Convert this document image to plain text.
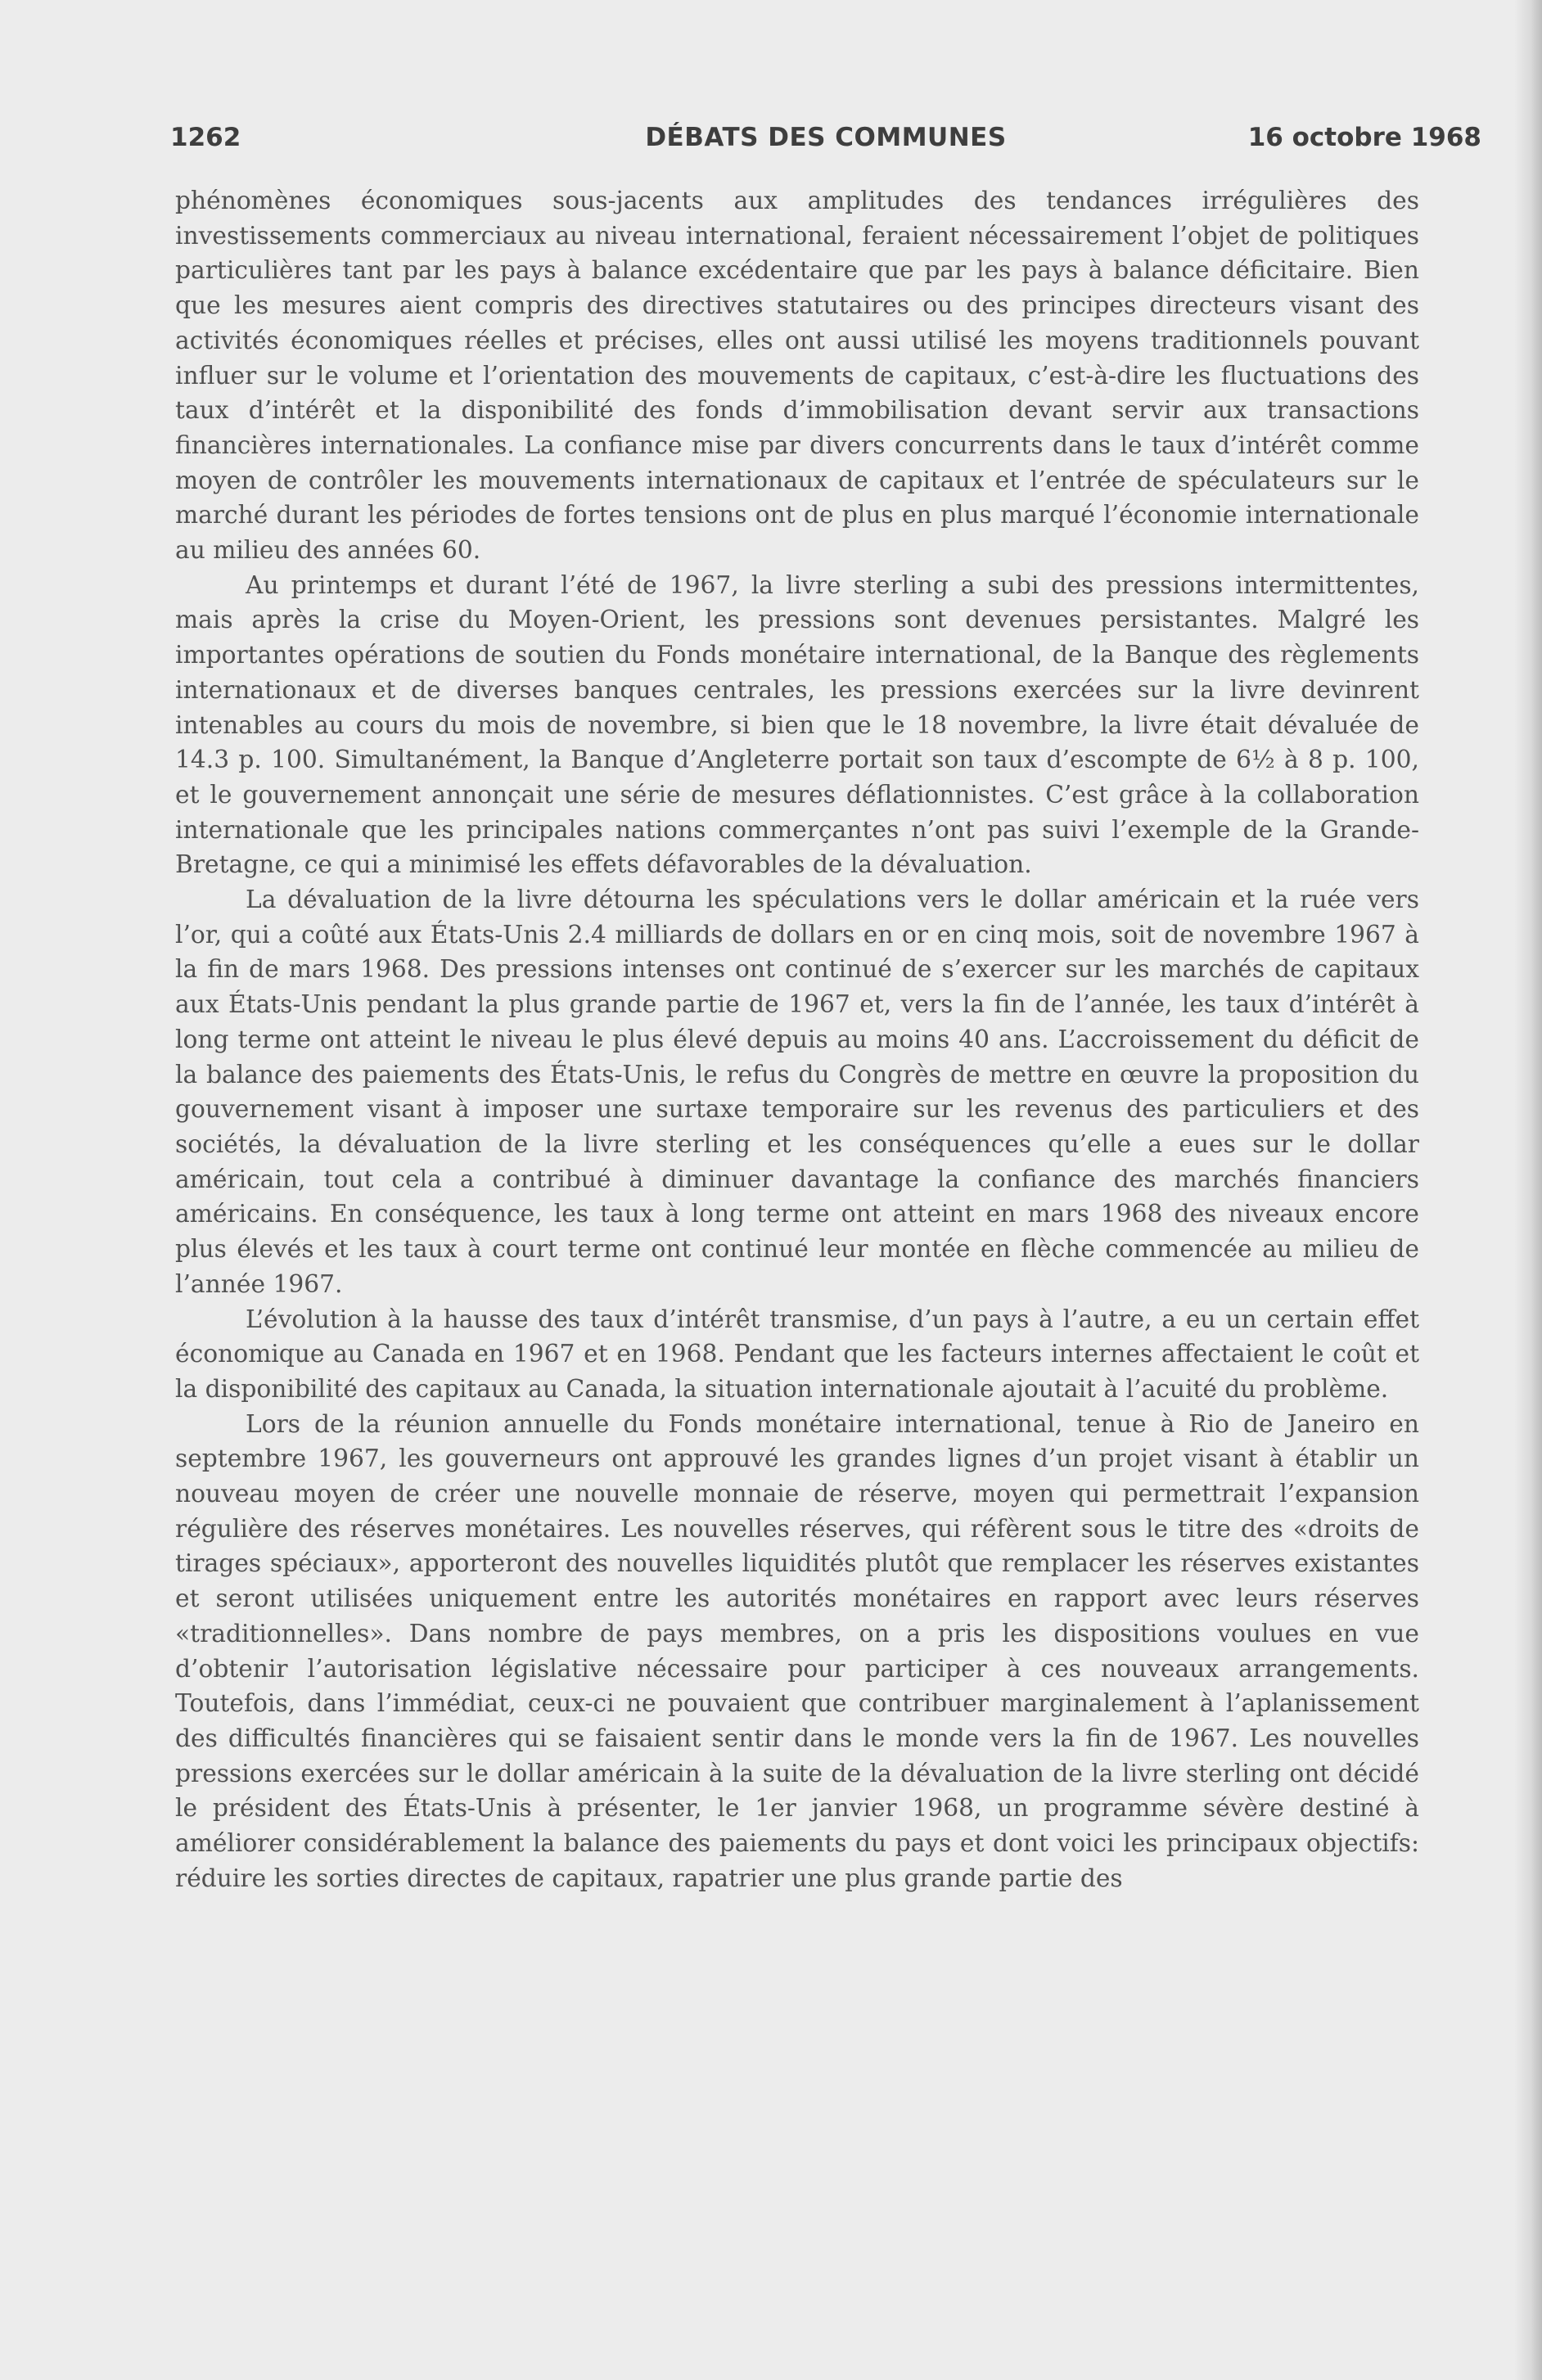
DÉBATS DES COMMUNES
1262	16 octobre 1968

phénomènes économiques sous-jacents aux amplitudes des tendances irrégulières des investissements commerciaux au niveau international, feraient nécessairement l’objet de politiques particulières tant par les pays à balance excédentaire que par les pays à balance déficitaire. Bien que les mesures aient compris des directives statutaires ou des principes directeurs visant des activités économiques réelles et précises, elles ont aussi utilisé les moyens traditionnels pouvant influer sur le volume et l’orientation des mouvements de capitaux, c’est-à-dire les fluctuations des taux d’intérêt et la disponibilité des fonds d’immobilisation devant servir aux transactions financières internationales. La confiance mise par divers concurrents dans le taux d’intérêt comme moyen de contrôler les mouvements internationaux de capitaux et l’entrée de spéculateurs sur le marché durant les périodes de fortes tensions ont de plus en plus marqué l’économie internationale au milieu des années 60.

Au printemps et durant l’été de 1967, la livre sterling a subi des pressions intermittentes, mais après la crise du Moyen-Orient, les pressions sont devenues persistantes. Malgré les importantes opérations de soutien du Fonds monétaire international, de la Banque des règlements internationaux et de diverses banques centrales, les pressions exercées sur la livre devinrent intenables au cours du mois de novembre, si bien que le 18 novembre, la livre était dévaluée de 14.3 p. 100. Simultanément, la Banque d’Angleterre portait son taux d’escompte de 6½ à 8 p. 100, et le gouvernement annonçait une série de mesures déflationnistes. C’est grâce à la collaboration internationale que les principales nations commerçantes n’ont pas suivi l’exemple de la Grande-Bretagne, ce qui a minimisé les effets défavorables de la dévaluation.

La dévaluation de la livre détourna les spéculations vers le dollar américain et la ruée vers l’or, qui a coûté aux États-Unis 2.4 milliards de dollars en or en cinq mois, soit de novembre 1967 à la fin de mars 1968. Des pressions intenses ont continué de s’exercer sur les marchés de capitaux aux États-Unis pendant la plus grande partie de 1967 et, vers la fin de l’année, les taux d’intérêt à long terme ont atteint le niveau le plus élevé depuis au moins 40 ans. L’accroissement du déficit de la balance des paiements des États-Unis, le refus du Congrès de mettre en œuvre la proposition du gouvernement visant à imposer une surtaxe temporaire sur les revenus des particuliers et des sociétés, la dévaluation de la livre sterling et les conséquences qu’elle a eues sur le dollar américain, tout cela a contribué à diminuer davantage la confiance des marchés financiers américains. En conséquence, les taux à long terme ont atteint en mars 1968 des niveaux encore plus élevés et les taux à court terme ont continué leur montée en flèche commencée au milieu de l’année 1967.

L’évolution à la hausse des taux d’intérêt transmise, d’un pays à l’autre, a eu un certain effet économique au Canada en 1967 et en 1968. Pendant que les facteurs internes affectaient le coût et la disponibilité des capitaux au Canada, la situation internationale ajoutait à l’acuité du problème.

Lors de la réunion annuelle du Fonds monétaire international, tenue à Rio de Janeiro en septembre 1967, les gouverneurs ont approuvé les grandes lignes d’un projet visant à établir un nouveau moyen de créer une nouvelle monnaie de réserve, moyen qui permettrait l’expansion régulière des réserves monétaires. Les nouvelles réserves, qui réfèrent sous le titre des «droits de tirages spéciaux», apporteront des nouvelles liquidités plutôt que remplacer les réserves existantes et seront utilisées uniquement entre les autorités monétaires en rapport avec leurs réserves «traditionnelles». Dans nombre de pays membres, on a pris les dispositions voulues en vue d’obtenir l’autorisation législative nécessaire pour participer à ces nouveaux arrangements. Toutefois, dans l’immédiat, ceux-ci ne pouvaient que contribuer marginalement à l’aplanissement des difficultés financières qui se faisaient sentir dans le monde vers la fin de 1967. Les nouvelles pressions exercées sur le dollar américain à la suite de la dévaluation de la livre sterling ont décidé le président des États-Unis à présenter, le 1er janvier 1968, un programme sévère destiné à améliorer considérablement la balance des paiements du pays et dont voici les principaux objectifs: réduire les sorties directes de capitaux, rapatrier une plus grande partie des
